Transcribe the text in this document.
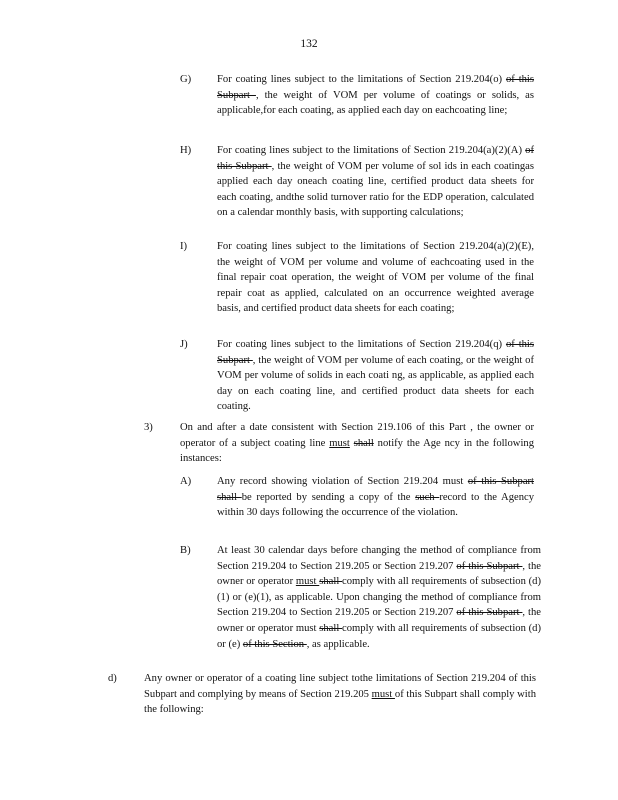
132
G) For coating lines subject to the limitations of Section 219.204(o) of this Subpart , the weight of VOM per volume of coatings or solids, as applicable,for each coating, as applied each day on eachcoating line;
H) For coating lines subject to the limitations of Section 219.204(a)(2)(A) of this Subpart , the weight of VOM per volume of sol ids in each coatingas applied each day oneach coating line, certified product data sheets for each coating, andthe solid turnover ratio for the EDP operation, calculated on a calendar monthly basis, with supporting calculations;
I)	For coating lines subject to the limitations of Section 219.204(a)(2)(E), the weight of VOM per volume and volume of eachcoating used in the final repair coat operation, the weight of VOM per volume of the final repair coat as applied, calculated on an occurrence weighted average basis, and certified product data sheets for each coating;
J)	For coating lines subject to the limitations of Section 219.204(q) of this Subpart , the weight of VOM per volume of each coating, or the weight of VOM per volume of solids in each coati ng, as applicable, as applied each day on each coating line, and certified product data sheets for each coating.
3)	On and after a date consistent with Section 219.106 of this Part , the owner or operator of a subject coating line must shall notify the Age ncy in the following instances:
A) Any record showing violation of Section 219.204 must of this Subpart shall be reported by sending a copy of the such record to the Agency within 30 days following the occurrence of the violation.
B) At least 30 calendar days before changing the method of compliance from Section 219.204 to Section 219.205 or Section 219.207 of this Subpart , the owner or operator must shall comply with all requirements of subsection (d)(1) or (e)(1), as applicable. Upon changing the method of compliance from Section 219.204 to Section 219.205 or Section 219.207 of this Subpart , the owner or operator must shall comply with all requirements of subsection (d) or (e) of this Section , as applicable.
d)	Any owner or operator of a coating line subject tothe limitations of Section 219.204 of this Subpart and complying by means of Section 219.205 must of this Subpart shall comply with the following:
